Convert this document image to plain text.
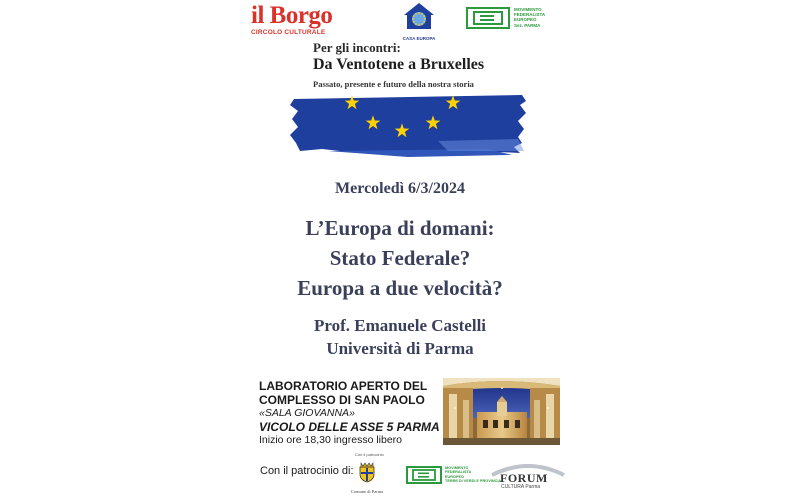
il Borgo
CIRCOLO CULTURALE
CASA EUROPA
MOVIMENTO
FEDERALISTA
EUROPEO
Sez. PARMA
Per gli incontri:
Da Ventotene a Bruxelles
Passato, presente e futuro della nostra storia
Mercoledì 6/3/2024
L’Europa di domani:
Stato Federale?
Europa a due velocità?
Prof. Emanuele Castelli
Università di Parma
LABORATORIO APERTO DEL
COMPLESSO DI SAN PAOLO
«SALA GIOVANNA»
VICOLO DELLE ASSE 5 PARMA
Inizio ore 18,30 ingresso libero
Con il patrocinio
Con il patrocinio di:
Comune di Parma
MOVIMENTO
FEDERALISTA
EUROPEO
TERRE DI VERDI E PROVINCIA
FORUM
CULTURA Parma
